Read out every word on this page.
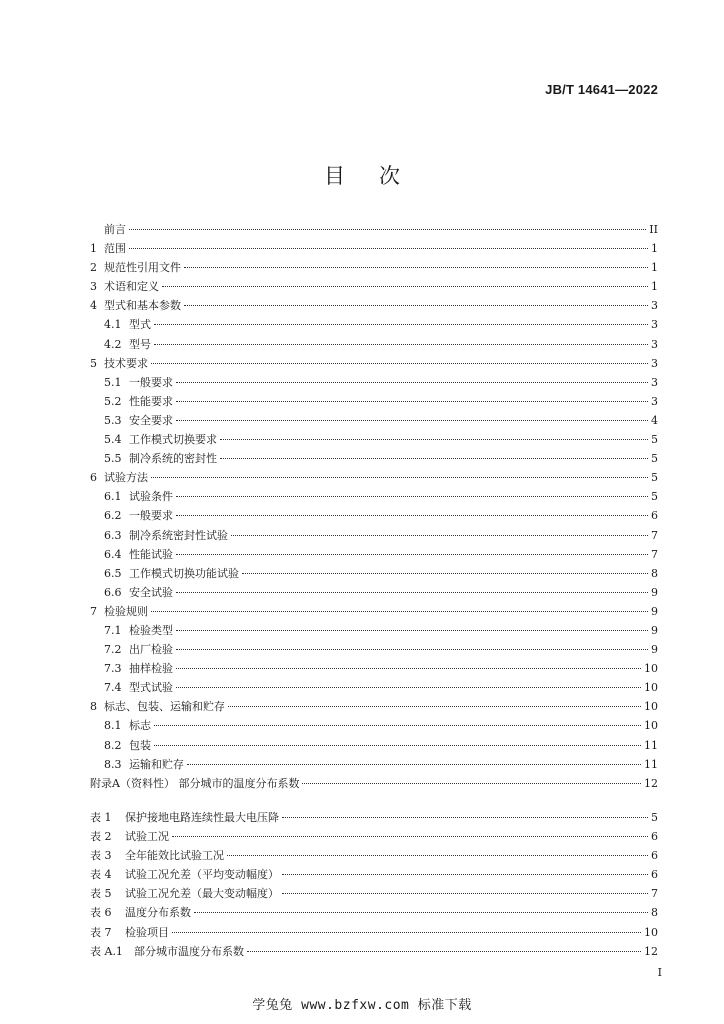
JB/T 14641—2022
目次
前言	II
1 范围	1
2 规范性引用文件	1
3 术语和定义	1
4 型式和基本参数	3
4.1 型式	3
4.2 型号	3
5 技术要求	3
5.1 一般要求	3
5.2 性能要求	3
5.3 安全要求	4
5.4 工作模式切换要求	5
5.5 制冷系统的密封性	5
6 试验方法	5
6.1 试验条件	5
6.2 一般要求	6
6.3 制冷系统密封性试验	7
6.4 性能试验	7
6.5 工作模式切换功能试验	8
6.6 安全试验	9
7 检验规则	9
7.1 检验类型	9
7.2 出厂检验	9
7.3 抽样检验	10
7.4 型式试验	10
8 标志、包装、运输和贮存	10
8.1 标志	10
8.2 包装	11
8.3 运输和贮存	11
附录A（资料性） 部分城市的温度分布系数	12
表 1	保护接地电路连续性最大电压降	5
表 2	试验工况	6
表 3	全年能效比试验工况	6
表 4	试验工况允差（平均变动幅度）	6
表 5	试验工况允差（最大变动幅度）	7
表 6	温度分布系数	8
表 7	检验项目	10
表 A.1	部分城市温度分布系数	12
I
学兔兔 www.bzfxw.com 标准下载
